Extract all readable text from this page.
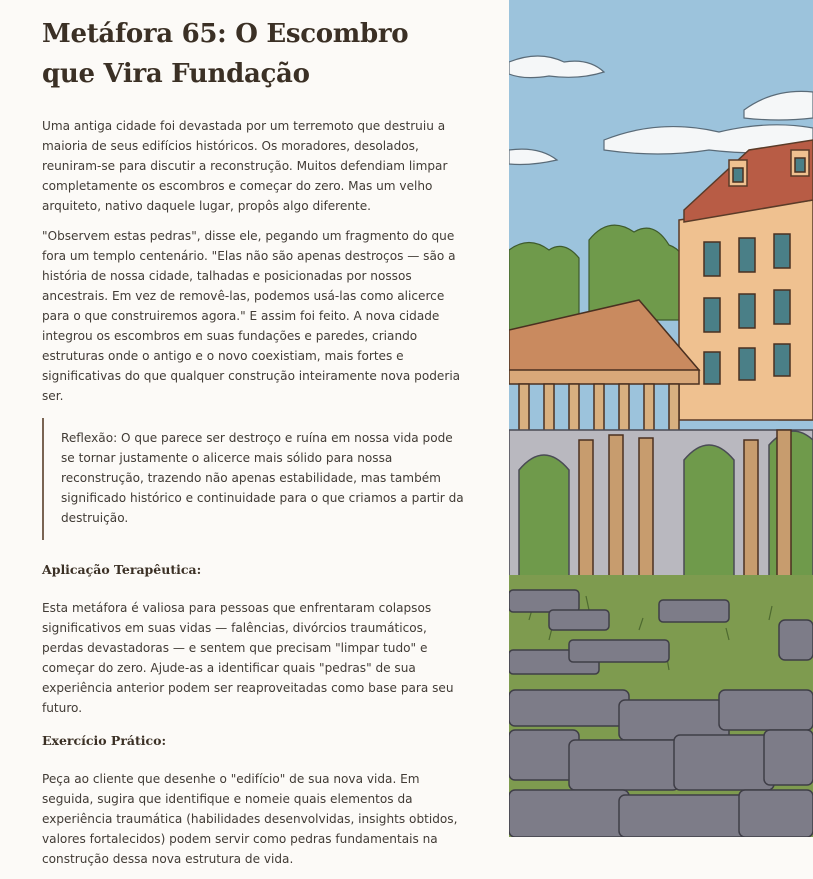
Metáfora 65: O Escombro que Vira Fundação

Uma antiga cidade foi devastada por um terremoto que destruiu a maioria de seus edifícios históricos. Os moradores, desolados, reuniram-se para discutir a reconstrução. Muitos defendiam limpar completamente os escombros e começar do zero. Mas um velho arquiteto, nativo daquele lugar, propôs algo diferente.

"Observem estas pedras", disse ele, pegando um fragmento do que fora um templo centenário. "Elas não são apenas destroços — são a história de nossa cidade, talhadas e posicionadas por nossos ancestrais. Em vez de removê-las, podemos usá-las como alicerce para o que construiremos agora." E assim foi feito. A nova cidade integrou os escombros em suas fundações e paredes, criando estruturas onde o antigo e o novo coexistiam, mais fortes e significativas do que qualquer construção inteiramente nova poderia ser.

Reflexão: O que parece ser destroço e ruína em nossa vida pode se tornar justamente o alicerce mais sólido para nossa reconstrução, trazendo não apenas estabilidade, mas também significado histórico e continuidade para o que criamos a partir da destruição.

Aplicação Terapêutica:

Esta metáfora é valiosa para pessoas que enfrentaram colapsos significativos em suas vidas — falências, divórcios traumáticos, perdas devastadoras — e sentem que precisam "limpar tudo" e começar do zero. Ajude-as a identificar quais "pedras" de sua experiência anterior podem ser reaproveitadas como base para seu futuro.

Exercício Prático:

Peça ao cliente que desenhe o "edifício" de sua nova vida. Em seguida, sugira que identifique e nomeie quais elementos da experiência traumática (habilidades desenvolvidas, insights obtidos, valores fortalecidos) podem servir como pedras fundamentais na construção dessa nova estrutura de vida.
